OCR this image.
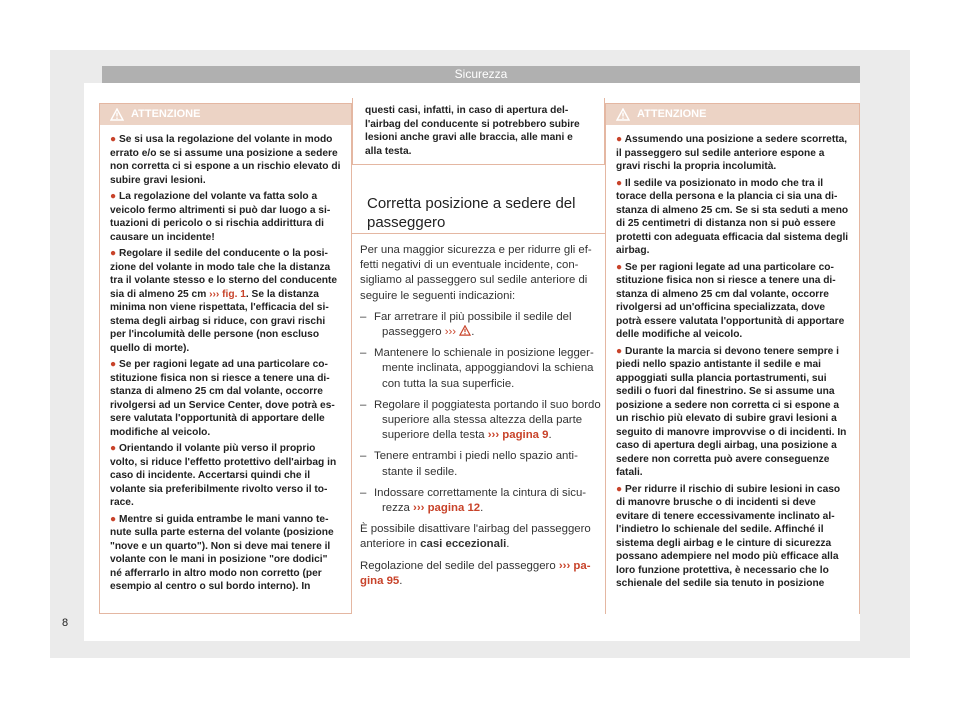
Sicurezza
ATTENZIONE
● Se si usa la regolazione del volante in modo errato e/o se si assume una posizione a sedere non corretta ci si espone a un rischio elevato di subire gravi lesioni.
● La regolazione del volante va fatta solo a veicolo fermo altrimenti si può dar luogo a situazioni di pericolo o si rischia addirittura di causare un incidente!
● Regolare il sedile del conducente o la posizione del volante in modo tale che la distanza tra il volante stesso e lo sterno del conducente sia di almeno 25 cm ››› fig. 1. Se la distanza minima non viene rispettata, l'efficacia del sistema degli airbag si riduce, con gravi rischi per l'incolumità delle persone (non escluso quello di morte).
● Se per ragioni legate ad una particolare costituzione fisica non si riesce a tenere una distanza di almeno 25 cm dal volante, occorre rivolgersi ad un Service Center, dove potrà essere valutata l'opportunità di apportare delle modifiche al veicolo.
● Orientando il volante più verso il proprio volto, si riduce l'effetto protettivo dell'airbag in caso di incidente. Accertarsi quindi che il volante sia preferibilmente rivolto verso il torace.
● Mentre si guida entrambe le mani vanno tenute sulla parte esterna del volante (posizione "nove e un quarto"). Non si deve mai tenere il volante con le mani in posizione "ore dodici" né afferrarlo in altro modo non corretto (per esempio al centro o sul bordo interno). In
questi casi, infatti, in caso di apertura dell'airbag del conducente si potrebbero subire lesioni anche gravi alle braccia, alle mani e alla testa.
Corretta posizione a sedere del passeggero

Per una maggior sicurezza e per ridurre gli effetti negativi di un eventuale incidente, consigliamo al passeggero sul sedile anteriore di seguire le seguenti indicazioni:

– Far arretrare il più possibile il sedile del passeggero ››› .
– Mantenere lo schienale in posizione leggermente inclinata, appoggiandovi la schiena con tutta la sua superficie.
– Regolare il poggiatesta portando il suo bordo superiore alla stessa altezza della parte superiore della testa ››› pagina 9.
– Tenere entrambi i piedi nello spazio antistante il sedile.
– Indossare correttamente la cintura di sicurezza ››› pagina 12.

È possibile disattivare l'airbag del passeggero anteriore in casi eccezionali.

Regolazione del sedile del passeggero ››› pagina 95.

ATTENZIONE
● Assumendo una posizione a sedere scorretta, il passeggero sul sedile anteriore espone a gravi rischi la propria incolumità.
● Il sedile va posizionato in modo che tra il torace della persona e la plancia ci sia una distanza di almeno 25 cm. Se si sta seduti a meno di 25 centimetri di distanza non si può essere protetti con adeguata efficacia dal sistema degli airbag.
● Se per ragioni legate ad una particolare costituzione fisica non si riesce a tenere una distanza di almeno 25 cm dal volante, occorre rivolgersi ad un'officina specializzata, dove potrà essere valutata l'opportunità di apportare delle modifiche al veicolo.
● Durante la marcia si devono tenere sempre i piedi nello spazio antistante il sedile e mai appoggiati sulla plancia portastrumenti, sui sedili o fuori dal finestrino. Se si assume una posizione a sedere non corretta ci si espone a un rischio più elevato di subire gravi lesioni a seguito di manovre improvvise o di incidenti. In caso di apertura degli airbag, una posizione a sedere non corretta può avere conseguenze fatali.
● Per ridurre il rischio di subire lesioni in caso di manovre brusche o di incidenti si deve evitare di tenere eccessivamente inclinato all'indietro lo schienale del sedile. Affinché il sistema degli airbag e le cinture di sicurezza possano adempiere nel modo più efficace alla loro funzione protettiva, è necessario che lo schienale del sedile sia tenuto in posizione
8
